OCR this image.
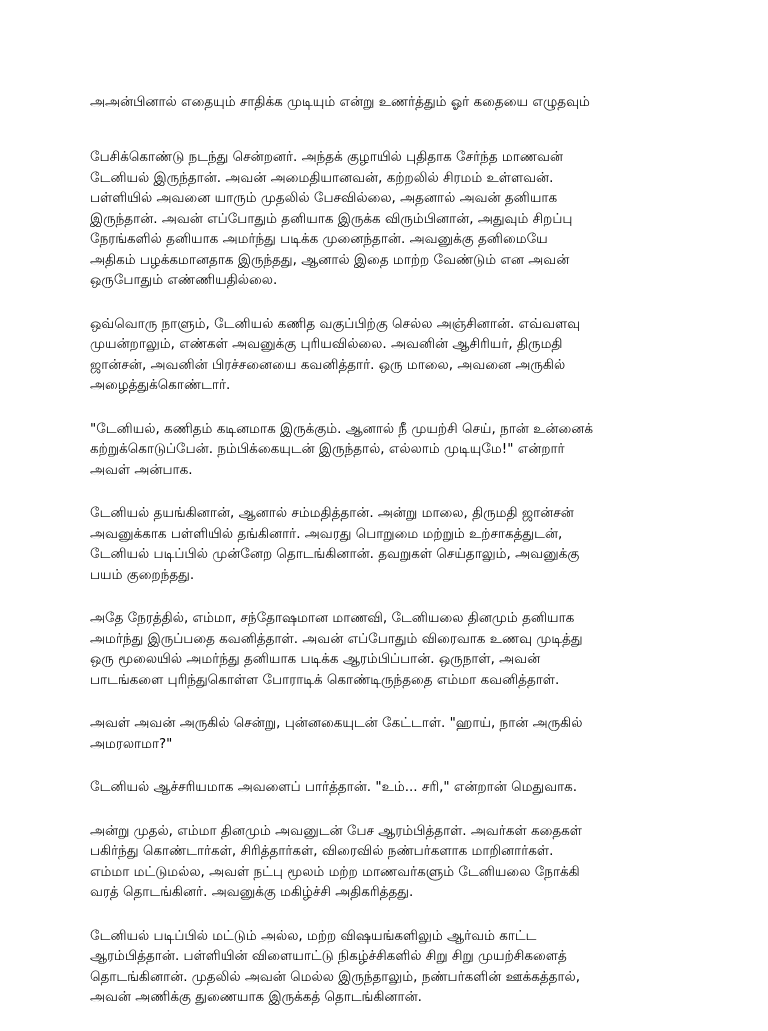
அஅன்பினால் எதையும் சாதிக்க முடியும் என்று உணர்த்தும் ஓர் கதையை எழுதவும்

பேசிக்கொண்டு நடந்து சென்றனர். அந்தக் குழாயில் புதிதாக சேர்ந்த மாணவன்
டேனியல் இருந்தான். அவன் அமைதியானவன், கற்றலில் சிரமம் உள்ளவன்.
பள்ளியில் அவனை யாரும் முதலில் பேசவில்லை, அதனால் அவன் தனியாக
இருந்தான். அவன் எப்போதும் தனியாக இருக்க விரும்பினான், அதுவும் சிறப்பு
நேரங்களில் தனியாக அமர்ந்து படிக்க முனைந்தான். அவனுக்கு தனிமையே
அதிகம் பழக்கமானதாக இருந்தது, ஆனால் இதை மாற்ற வேண்டும் என அவன்
ஒருபோதும் எண்ணியதில்லை.

ஒவ்வொரு நாளும், டேனியல் கணித வகுப்பிற்கு செல்ல அஞ்சினான். எவ்வளவு
முயன்றாலும், எண்கள் அவனுக்கு புரியவில்லை. அவனின் ஆசிரியர், திருமதி
ஜான்சன், அவனின் பிரச்சனையை கவனித்தார். ஒரு மாலை, அவனை அருகில்
அழைத்துக்கொண்டார்.

"டேனியல், கணிதம் கடினமாக இருக்கும். ஆனால் நீ முயற்சி செய், நான் உன்னைக்
கற்றுக்கொடுப்பேன். நம்பிக்கையுடன் இருந்தால், எல்லாம் முடியுமே!" என்றார்
அவள் அன்பாக.

டேனியல் தயங்கினான், ஆனால் சம்மதித்தான். அன்று மாலை, திருமதி ஜான்சன்
அவனுக்காக பள்ளியில் தங்கினார். அவரது பொறுமை மற்றும் உற்சாகத்துடன்,
டேனியல் படிப்பில் முன்னேற தொடங்கினான். தவறுகள் செய்தாலும், அவனுக்கு
பயம் குறைந்தது.

அதே நேரத்தில், எம்மா, சந்தோஷமான மாணவி, டேனியலை தினமும் தனியாக
அமர்ந்து இருப்பதை கவனித்தாள். அவன் எப்போதும் விரைவாக உணவு முடித்து
ஒரு மூலையில் அமர்ந்து தனியாக படிக்க ஆரம்பிப்பான். ஒருநாள், அவன்
பாடங்களை புரிந்துகொள்ள போராடிக் கொண்டிருந்ததை எம்மா கவனித்தாள்.

அவள் அவன் அருகில் சென்று, புன்னகையுடன் கேட்டாள். "ஹாய், நான் அருகில்
அமரலாமா?"

டேனியல் ஆச்சரியமாக அவளைப் பார்த்தான். "உம்... சரி," என்றான் மெதுவாக.

அன்று முதல், எம்மா தினமும் அவனுடன் பேச ஆரம்பித்தாள். அவர்கள் கதைகள்
பகிர்ந்து கொண்டார்கள், சிரித்தார்கள், விரைவில் நண்பர்களாக மாறினார்கள்.
எம்மா மட்டுமல்ல, அவள் நட்பு மூலம் மற்ற மாணவர்களும் டேனியலை நோக்கி
வரத் தொடங்கினர். அவனுக்கு மகிழ்ச்சி அதிகரித்தது.

டேனியல் படிப்பில் மட்டும் அல்ல, மற்ற விஷயங்களிலும் ஆர்வம் காட்ட
ஆரம்பித்தான். பள்ளியின் விளையாட்டு நிகழ்ச்சிகளில் சிறு சிறு முயற்சிகளைத்
தொடங்கினான். முதலில் அவன் மெல்ல இருந்தாலும், நண்பர்களின் ஊக்கத்தால்,
அவன் அணிக்கு துணையாக இருக்கத் தொடங்கினான்.
